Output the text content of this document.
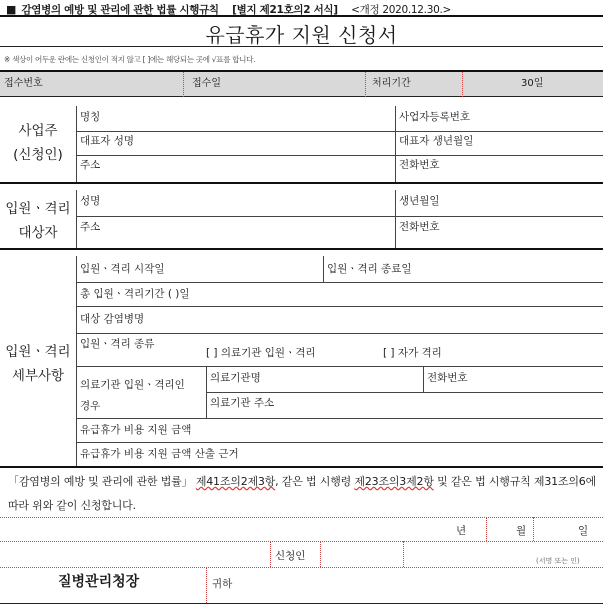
■ 감염병의 예방 및 관리에 관한 법률 시행규칙 [별지 제21호의2 서식] <개정 2020.12.30.>
유급휴가 지원 신청서
※ 색상이 어두운 란에는 신청인이 적지 않고 [ ]에는 해당되는 곳에 √표를 합니다.
접수번호	접수일	처리기간	30일
사업주
(신청인)
명칭	사업자등록번호
대표자 성명	대표자 생년월일
주소	전화번호
입원ㆍ격리
대상자
성명	생년월일
주소	전화번호
입원ㆍ격리
세부사항
입원ㆍ격리 시작일	입원ㆍ격리 종료일
총 입원ㆍ격리기간 ( )일
대상 감염병명
입원ㆍ격리 종류
[ ] 의료기관 입원ㆍ격리	[ ] 자가 격리
의료기관 입원ㆍ격리인
경우
의료기관명	전화번호
의료기관 주소
유급휴가 비용 지원 금액
유급휴가 비용 지원 금액 산출 근거
「감염병의 예방 및 관리에 관한 법률」 제41조의2제3항, 같은 법 시행령 제23조의3제2항 및 같은 법 시행규칙 제31조의6에 따라 위와 같이 신청합니다.
년	월	일
신청인	(서명 또는 인)
질병관리청장	귀하
